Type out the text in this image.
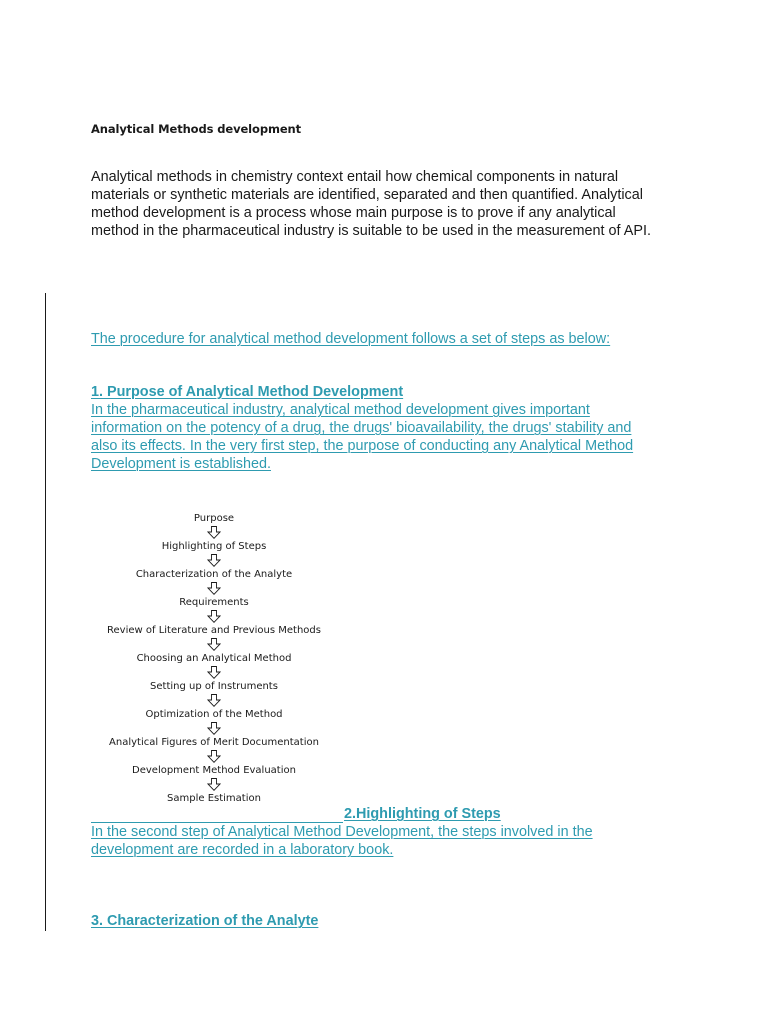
Analytical Methods development
Analytical methods in chemistry context entail how chemical components in natural
materials or synthetic materials are identified, separated and then quantified. Analytical
method development is a process whose main purpose is to prove if any analytical
method in the pharmaceutical industry is suitable to be used in the measurement of API.
The procedure for analytical method development follows a set of steps as below:
1. Purpose of Analytical Method Development
In the pharmaceutical industry, analytical method development gives important
information on the potency of a drug, the drugs' bioavailability, the drugs' stability and
also its effects. In the very first step, the purpose of conducting any Analytical Method
Development is established.
Purpose
Highlighting of Steps
Characterization of the Analyte
Requirements
Review of Literature and Previous Methods
Choosing an Analytical Method
Setting up of Instruments
Optimization of the Method
Analytical Figures of Merit Documentation
Development Method Evaluation
Sample Estimation
2.Highlighting of Steps
In the second step of Analytical Method Development, the steps involved in the
development are recorded in a laboratory book.
3. Characterization of the Analyte
